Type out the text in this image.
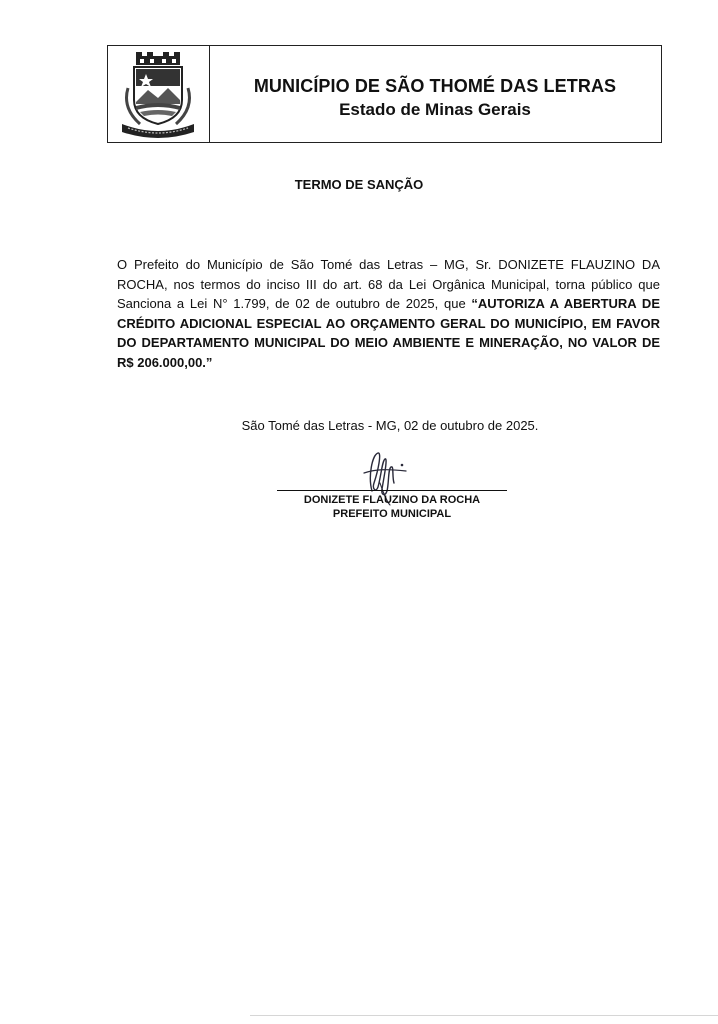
MUNICÍPIO DE SÃO THOMÉ DAS LETRAS
Estado de Minas Gerais
TERMO DE SANÇÃO

O Prefeito do Município de São Tomé das Letras – MG, Sr. DONIZETE FLAUZINO DA ROCHA, nos termos do inciso III do art. 68 da Lei Orgânica Municipal, torna público que Sanciona a Lei N° 1.799, de 02 de outubro de 2025, que “AUTORIZA A ABERTURA DE CRÉDITO ADICIONAL ESPECIAL AO ORÇAMENTO GERAL DO MUNICÍPIO, EM FAVOR DO DEPARTAMENTO MUNICIPAL DO MEIO AMBIENTE E MINERAÇÃO, NO VALOR DE R$ 206.000,00.”

São Tomé das Letras - MG, 02 de outubro de 2025.
DONIZETE FLAUZINO DA ROCHA
PREFEITO MUNICIPAL
